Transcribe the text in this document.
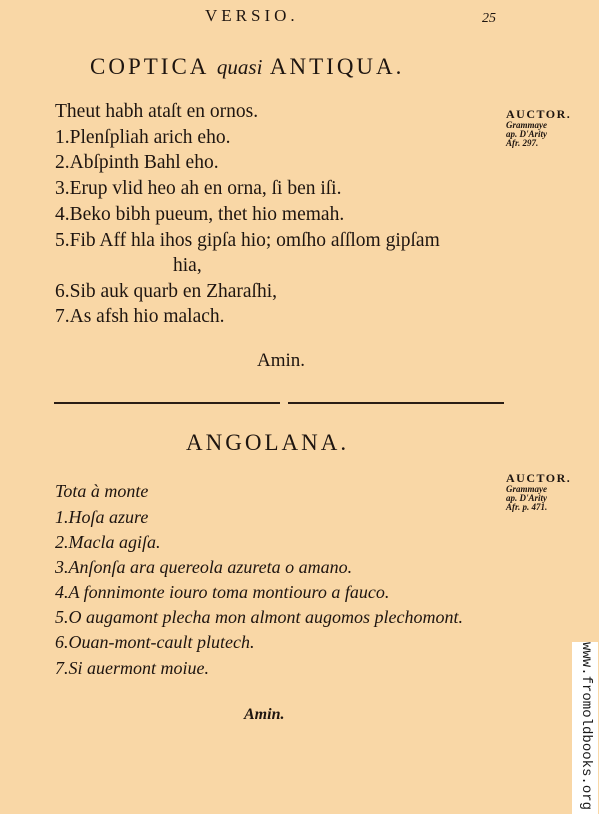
VERSIO.	25
COPTICA quasi ANTIQUA.
Theut habh ataſt en ornos.
1.Plenſpliah arich eho.
2.Abſpinth Bahl eho.
3.Erup vlid heo ah en orna, ſi ben iſi.
4.Beko bibh pueum, thet hio memah.
5.Fib Aff hla ihos gipſa hio; omſho aſſlom gipſam
hia,
6.Sib auk quarb en Zharaſhi,
7.As afsh hio malach.
Amin.
AUCTOR.
Grammaye
ap. D'Arity
Afr. 297.
ANGOLANA.
Tota à monte
1.Hoſa azure
2.Macla agiſa.
3.Anſonſa ara quereola azureta o amano.
4.A fonnimonte iouro toma montiouro a fauco.
5.O augamont plecha mon almont augomos plechomont.
6.Ouan-mont-cault plutech.
7.Si auermont moiue.
Amin.
AUCTOR.
Grammaye
ap. D'Arity
Afr. p. 471.
www.fromoldbooks.org
